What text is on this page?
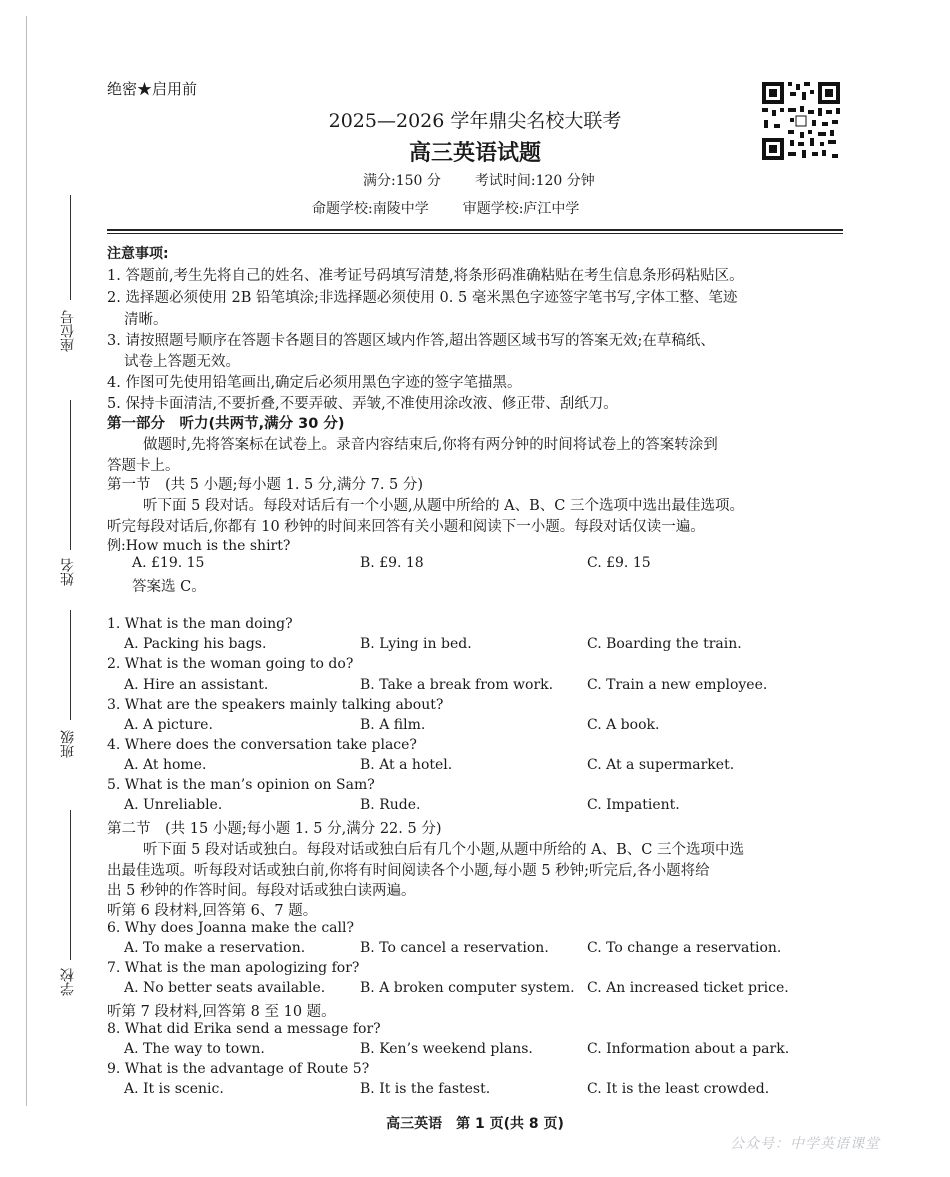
座位号
姓名
班级
学校
绝密★启用前
2025—2026 学年鼎尖名校大联考
高三英语试题
满分:150 分 考试时间:120 分钟
命题学校:南陵中学 审题学校:庐江中学
注意事项:
1. 答题前,考生先将自己的姓名、准考证号码填写清楚,将条形码准确粘贴在考生信息条形码粘贴区。
2. 选择题必须使用 2B 铅笔填涂;非选择题必须使用 0. 5 毫米黑色字迹签字笔书写,字体工整、笔迹
清晰。
3. 请按照题号顺序在答题卡各题目的答题区域内作答,超出答题区域书写的答案无效;在草稿纸、
试卷上答题无效。
4. 作图可先使用铅笔画出,确定后必须用黑色字迹的签字笔描黑。
5. 保持卡面清洁,不要折叠,不要弄破、弄皱,不准使用涂改液、修正带、刮纸刀。
第一部分　听力(共两节,满分 30 分)
做题时,先将答案标在试卷上。录音内容结束后,你将有两分钟的时间将试卷上的答案转涂到
答题卡上。
第一节　(共 5 小题;每小题 1. 5 分,满分 7. 5 分)
听下面 5 段对话。每段对话后有一个小题,从题中所给的 A、B、C 三个选项中选出最佳选项。
听完每段对话后,你都有 10 秒钟的时间来回答有关小题和阅读下一小题。每段对话仅读一遍。
例:How much is the shirt?
A. £19. 15	B. £9. 18	C. £9. 15
答案选 C。
1. What is the man doing?
A. Packing his bags.	B. Lying in bed.	C. Boarding the train.
2. What is the woman going to do?
A. Hire an assistant.	B. Take a break from work. C. Train a new employee.
3. What are the speakers mainly talking about?
A. A picture.	B. A film.	C. A book.
4. Where does the conversation take place?
A. At home.	B. At a hotel.	C. At a supermarket.
5. What is the man’s opinion on Sam?
A. Unreliable.	B. Rude.	C. Impatient.
第二节　(共 15 小题;每小题 1. 5 分,满分 22. 5 分)
听下面 5 段对话或独白。每段对话或独白后有几个小题,从题中所给的 A、B、C 三个选项中选
出最佳选项。听每段对话或独白前,你将有时间阅读各个小题,每小题 5 秒钟;听完后,各小题将给
出 5 秒钟的作答时间。每段对话或独白读两遍。
听第 6 段材料,回答第 6、7 题。
6. Why does Joanna make the call?
A. To make a reservation.	B. To cancel a reservation.	C. To change a reservation.
7. What is the man apologizing for?
A. No better seats available. B. A broken computer system. C. An increased ticket price.
听第 7 段材料,回答第 8 至 10 题。
8. What did Erika send a message for?
A. The way to town.	B. Ken’s weekend plans.	C. Information about a park.
9. What is the advantage of Route 5?
A. It is scenic.	B. It is the fastest.	C. It is the least crowded.
高三英语　第 1 页(共 8 页)
公众号：中学英语课堂
